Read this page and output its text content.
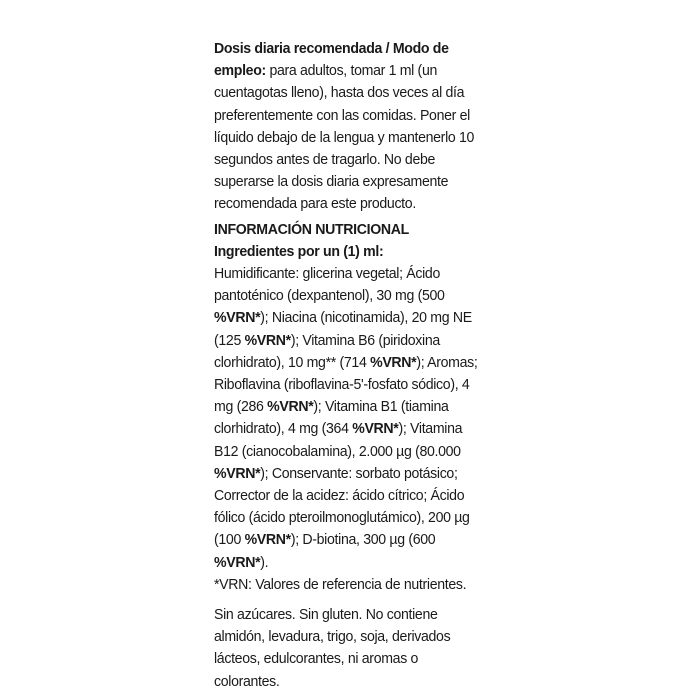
Dosis diaria recomendada / Modo de empleo: para adultos, tomar 1 ml (un cuentagotas lleno), hasta dos veces al día preferentemente con las comidas. Poner el líquido debajo de la lengua y mantenerlo 10 segundos antes de tragarlo. No debe superarse la dosis diaria expresamente recomendada para este producto.

INFORMACIÓN NUTRICIONAL

Ingredientes por un (1) ml:

Humidificante: glicerina vegetal; Ácido pantoténico (dexpantenol), 30 mg (500 %VRN*); Niacina (nicotinamida), 20 mg NE (125 %VRN*); Vitamina B6 (piridoxina clorhidrato), 10 mg** (714 %VRN*); Aromas; Riboflavina (riboflavina-5'-fosfato sódico), 4 mg (286 %VRN*); Vitamina B1 (tiamina clorhidrato), 4 mg (364 %VRN*); Vitamina B12 (cianocobalamina), 2.000 µg (80.000 %VRN*); Conservante: sorbato potásico; Corrector de la acidez: ácido cítrico; Ácido fólico (ácido pteroilmonoglutámico), 200 µg (100 %VRN*); D-biotina, 300 µg (600 %VRN*).

*VRN: Valores de referencia de nutrientes.

Sin azúcares. Sin gluten. No contiene almidón, levadura, trigo, soja, derivados lácteos, edulcorantes, ni aromas o colorantes.
